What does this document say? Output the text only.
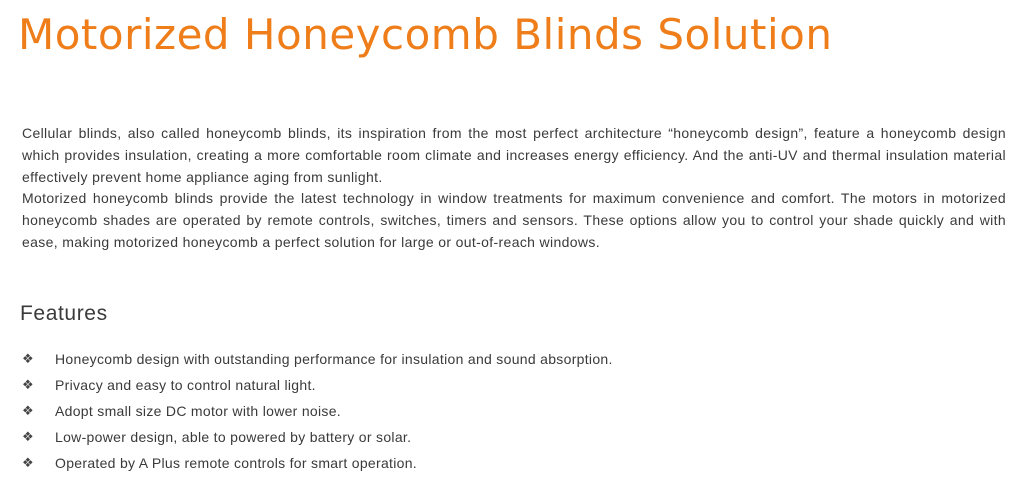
Motorized Honeycomb Blinds Solution

Cellular blinds, also called honeycomb blinds, its inspiration from the most perfect architecture “honeycomb design”, feature a honeycomb design which provides insulation, creating a more comfortable room climate and increases energy efficiency. And the anti-UV and thermal insulation material effectively prevent home appliance aging from sunlight.

Motorized honeycomb blinds provide the latest technology in window treatments for maximum convenience and comfort. The motors in motorized honeycomb shades are operated by remote controls, switches, timers and sensors. These options allow you to control your shade quickly and with ease, making motorized honeycomb a perfect solution for large or out-of-reach windows.

Features
❖	Honeycomb design with outstanding performance for insulation and sound absorption.
❖	Privacy and easy to control natural light.
❖	Adopt small size DC motor with lower noise.
❖	Low-power design, able to powered by battery or solar.
❖	Operated by A Plus remote controls for smart operation.
